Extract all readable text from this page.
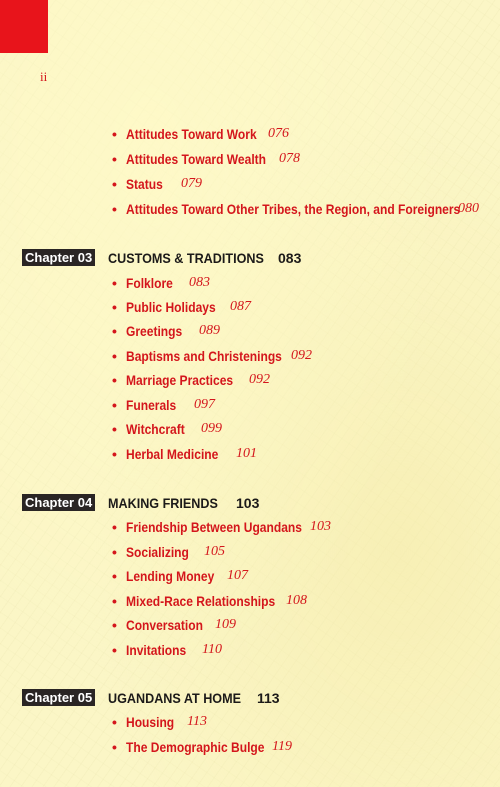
ii
• Attitudes Toward Work 076
• Attitudes Toward Wealth 078
• Status 079
• Attitudes Toward Other Tribes, the Region, and Foreigners
080
Chapter 03 CUSTOMS & TRADITIONS 083
• Folklore 083
• Public Holidays 087
• Greetings 089
• Baptisms and Christenings 092
• Marriage Practices 092
• Funerals 097
• Witchcraft 099
• Herbal Medicine 101
Chapter 04 MAKING FRIENDS 103
• Friendship Between Ugandans 103
• Socializing 105
• Lending Money 107
• Mixed-Race Relationships 108
• Conversation 109
• Invitations 110
Chapter 05 UGANDANS AT HOME 113
• Housing 113
• The Demographic Bulge 119
